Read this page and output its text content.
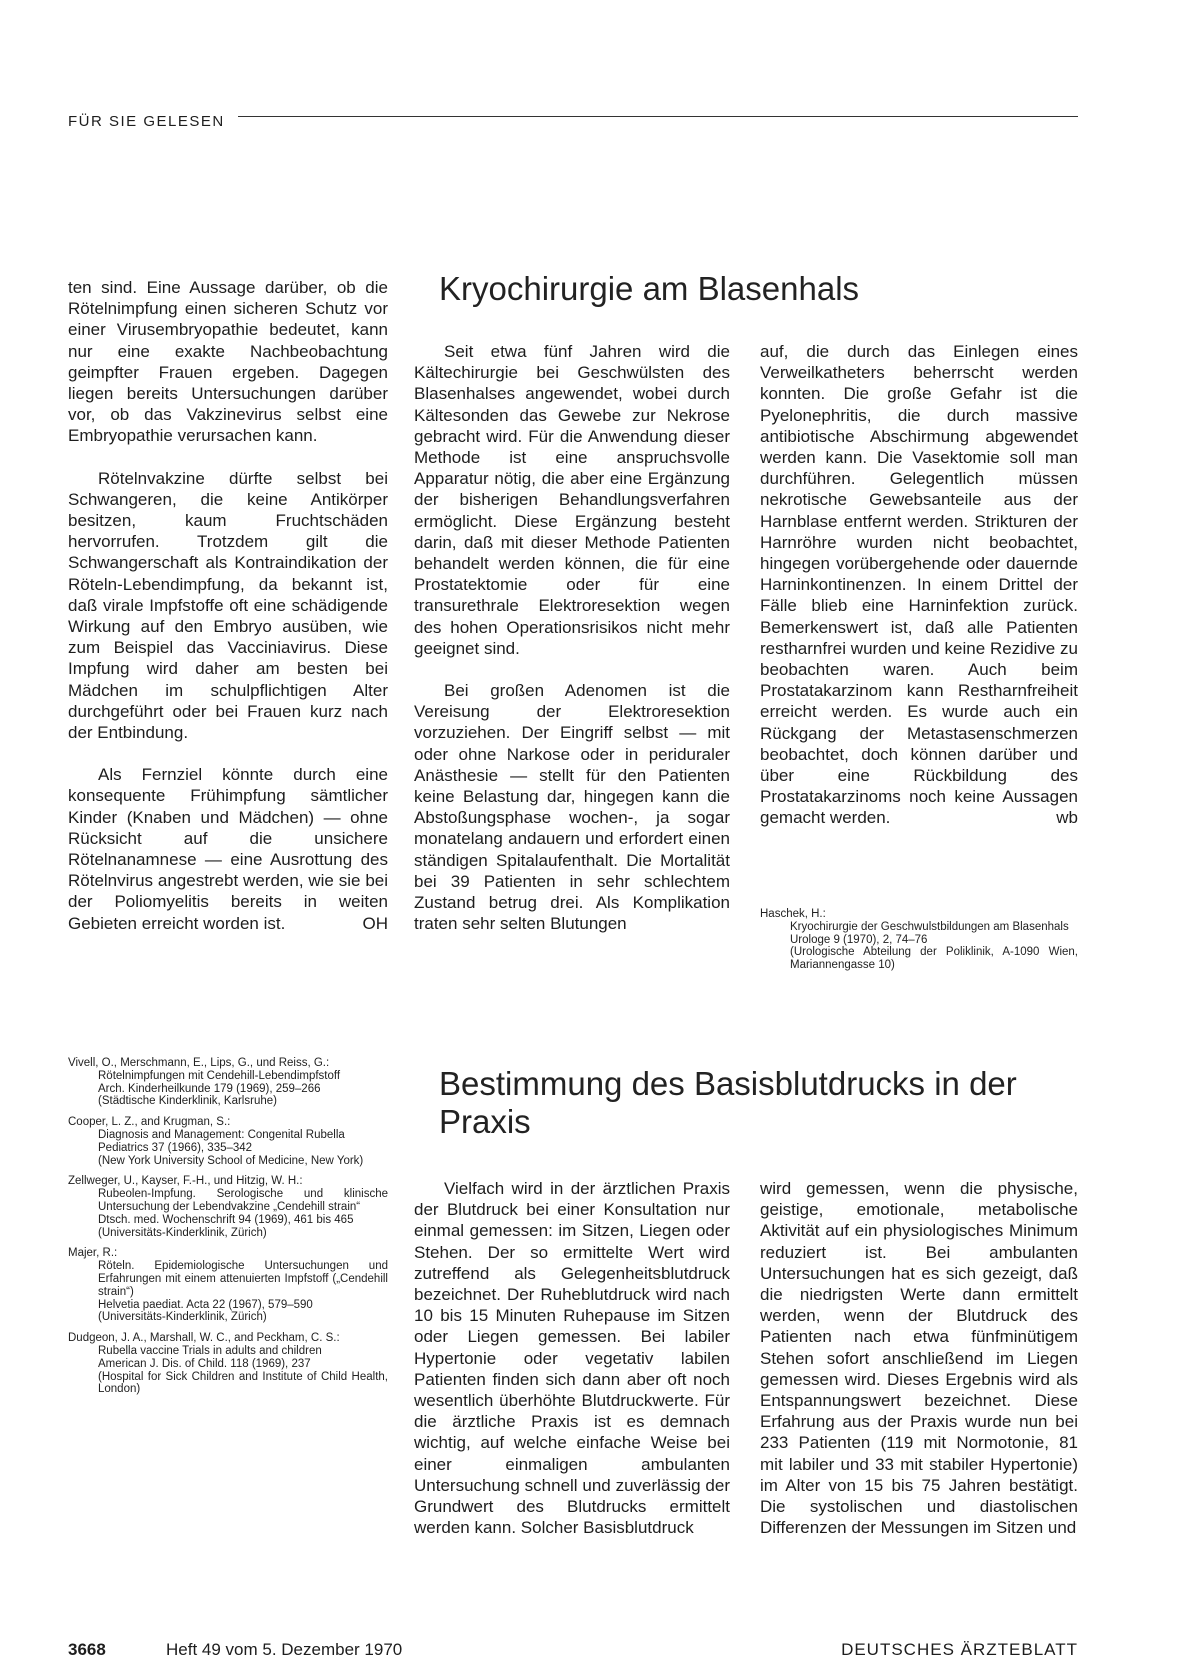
FÜR SIE GELESEN

ten sind. Eine Aussage darüber, ob die Rötelnimpfung einen sicheren Schutz vor einer Virusembryopathie bedeutet, kann nur eine exakte Nachbeobachtung geimpfter Frauen ergeben. Dagegen liegen bereits Untersuchungen darüber vor, ob das Vakzinevirus selbst eine Embryopathie verursachen kann.

Rötelnvakzine dürfte selbst bei Schwangeren, die keine Antikörper besitzen, kaum Fruchtschäden hervorrufen. Trotzdem gilt die Schwangerschaft als Kontraindikation der Röteln-Lebendimpfung, da bekannt ist, daß virale Impfstoffe oft eine schädigende Wirkung auf den Embryo ausüben, wie zum Beispiel das Vacciniavirus. Diese Impfung wird daher am besten bei Mädchen im schulpflichtigen Alter durchgeführt oder bei Frauen kurz nach der Entbindung.

Als Fernziel könnte durch eine konsequente Frühimpfung sämtlicher Kinder (Knaben und Mädchen) — ohne Rücksicht auf die unsichere Rötelnanamnese — eine Ausrottung des Rötelnvirus angestrebt werden, wie sie bei der Poliomyelitis bereits in weiten Gebieten erreicht worden ist.	OH

Vivell, O., Merschmann, E., Lips, G., und Reiss, G.:

Rötelnimpfungen mit Cendehill-Lebendimpfstoff

Arch. Kinderheilkunde 179 (1969), 259–266

(Städtische Kinderklinik, Karlsruhe)

Cooper, L. Z., and Krugman, S.:

Diagnosis and Management: Congenital Rubella

Pediatrics 37 (1966), 335–342

(New York University School of Medicine, New York)

Zellweger, U., Kayser, F.-H., und Hitzig, W. H.:

Rubeolen-Impfung. Serologische und klinische Untersuchung der Lebendvakzine „Cendehill strain“

Dtsch. med. Wochenschrift 94 (1969), 461 bis 465

(Universitäts-Kinderklinik, Zürich)

Majer, R.:

Röteln. Epidemiologische Untersuchungen und Erfahrungen mit einem attenuierten Impfstoff („Cendehill strain“)

Helvetia paediat. Acta 22 (1967), 579–590

(Universitäts-Kinderklinik, Zürich)

Dudgeon, J. A., Marshall, W. C., and Peckham, C. S.:

Rubella vaccine Trials in adults and children

American J. Dis. of Child. 118 (1969), 237

(Hospital for Sick Children and Institute of Child Health, London)

Kryochirurgie am Blasenhals

Seit etwa fünf Jahren wird die Kältechirurgie bei Geschwülsten des Blasenhalses angewendet, wobei durch Kältesonden das Gewebe zur Nekrose gebracht wird. Für die Anwendung dieser Methode ist eine anspruchsvolle Apparatur nötig, die aber eine Ergänzung der bisherigen Behandlungsverfahren ermöglicht. Diese Ergänzung besteht darin, daß mit dieser Methode Patienten behandelt werden können, die für eine Prostatektomie oder für eine transurethrale Elektroresektion wegen des hohen Operationsrisikos nicht mehr geeignet sind.

Bei großen Adenomen ist die Vereisung der Elektroresektion vorzuziehen. Der Eingriff selbst — mit oder ohne Narkose oder in periduraler Anästhesie — stellt für den Patienten keine Belastung dar, hingegen kann die Abstoßungsphase wochen-, ja sogar monatelang andauern und erfordert einen ständigen Spitalaufenthalt. Die Mortalität bei 39 Patienten in sehr schlechtem Zustand betrug drei. Als Komplikation traten sehr selten Blutungen

auf, die durch das Einlegen eines Verweilkatheters beherrscht werden konnten. Die große Gefahr ist die Pyelonephritis, die durch massive antibiotische Abschirmung abgewendet werden kann. Die Vasektomie soll man durchführen. Gelegentlich müssen nekrotische Gewebsanteile aus der Harnblase entfernt werden. Strikturen der Harnröhre wurden nicht beobachtet, hingegen vorübergehende oder dauernde Harninkontinenzen. In einem Drittel der Fälle blieb eine Harninfektion zurück. Bemerkenswert ist, daß alle Patienten restharnfrei wurden und keine Rezidive zu beobachten waren. Auch beim Prostatakarzinom kann Restharnfreiheit erreicht werden. Es wurde auch ein Rückgang der Metastasenschmerzen beobachtet, doch können darüber und über eine Rückbildung des Prostatakarzinoms noch keine Aussagen gemacht werden.	wb

Haschek, H.:

Kryochirurgie der Geschwulstbildungen am Blasenhals

Urologe 9 (1970), 2, 74–76

(Urologische Abteilung der Poliklinik, A-1090 Wien, Mariannengasse 10)

Bestimmung des Basisblutdrucks in der Praxis

Vielfach wird in der ärztlichen Praxis der Blutdruck bei einer Konsultation nur einmal gemessen: im Sitzen, Liegen oder Stehen. Der so ermittelte Wert wird zutreffend als Gelegenheitsblutdruck bezeichnet. Der Ruheblutdruck wird nach 10 bis 15 Minuten Ruhepause im Sitzen oder Liegen gemessen. Bei labiler Hypertonie oder vegetativ labilen Patienten finden sich dann aber oft noch wesentlich überhöhte Blutdruckwerte. Für die ärztliche Praxis ist es demnach wichtig, auf welche einfache Weise bei einer einmaligen ambulanten Untersuchung schnell und zuverlässig der Grundwert des Blutdrucks ermittelt werden kann. Solcher Basisblutdruck

wird gemessen, wenn die physische, geistige, emotionale, metabolische Aktivität auf ein physiologisches Minimum reduziert ist. Bei ambulanten Untersuchungen hat es sich gezeigt, daß die niedrigsten Werte dann ermittelt werden, wenn der Blutdruck des Patienten nach etwa fünfminütigem Stehen sofort anschließend im Liegen gemessen wird. Dieses Ergebnis wird als Entspannungswert bezeichnet. Diese Erfahrung aus der Praxis wurde nun bei 233 Patienten (119 mit Normotonie, 81 mit labiler und 33 mit stabiler Hypertonie) im Alter von 15 bis 75 Jahren bestätigt. Die systolischen und diastolischen Differenzen der Messungen im Sitzen und

3668	Heft 49 vom 5. Dezember 1970	DEUTSCHES ÄRZTEBLATT
